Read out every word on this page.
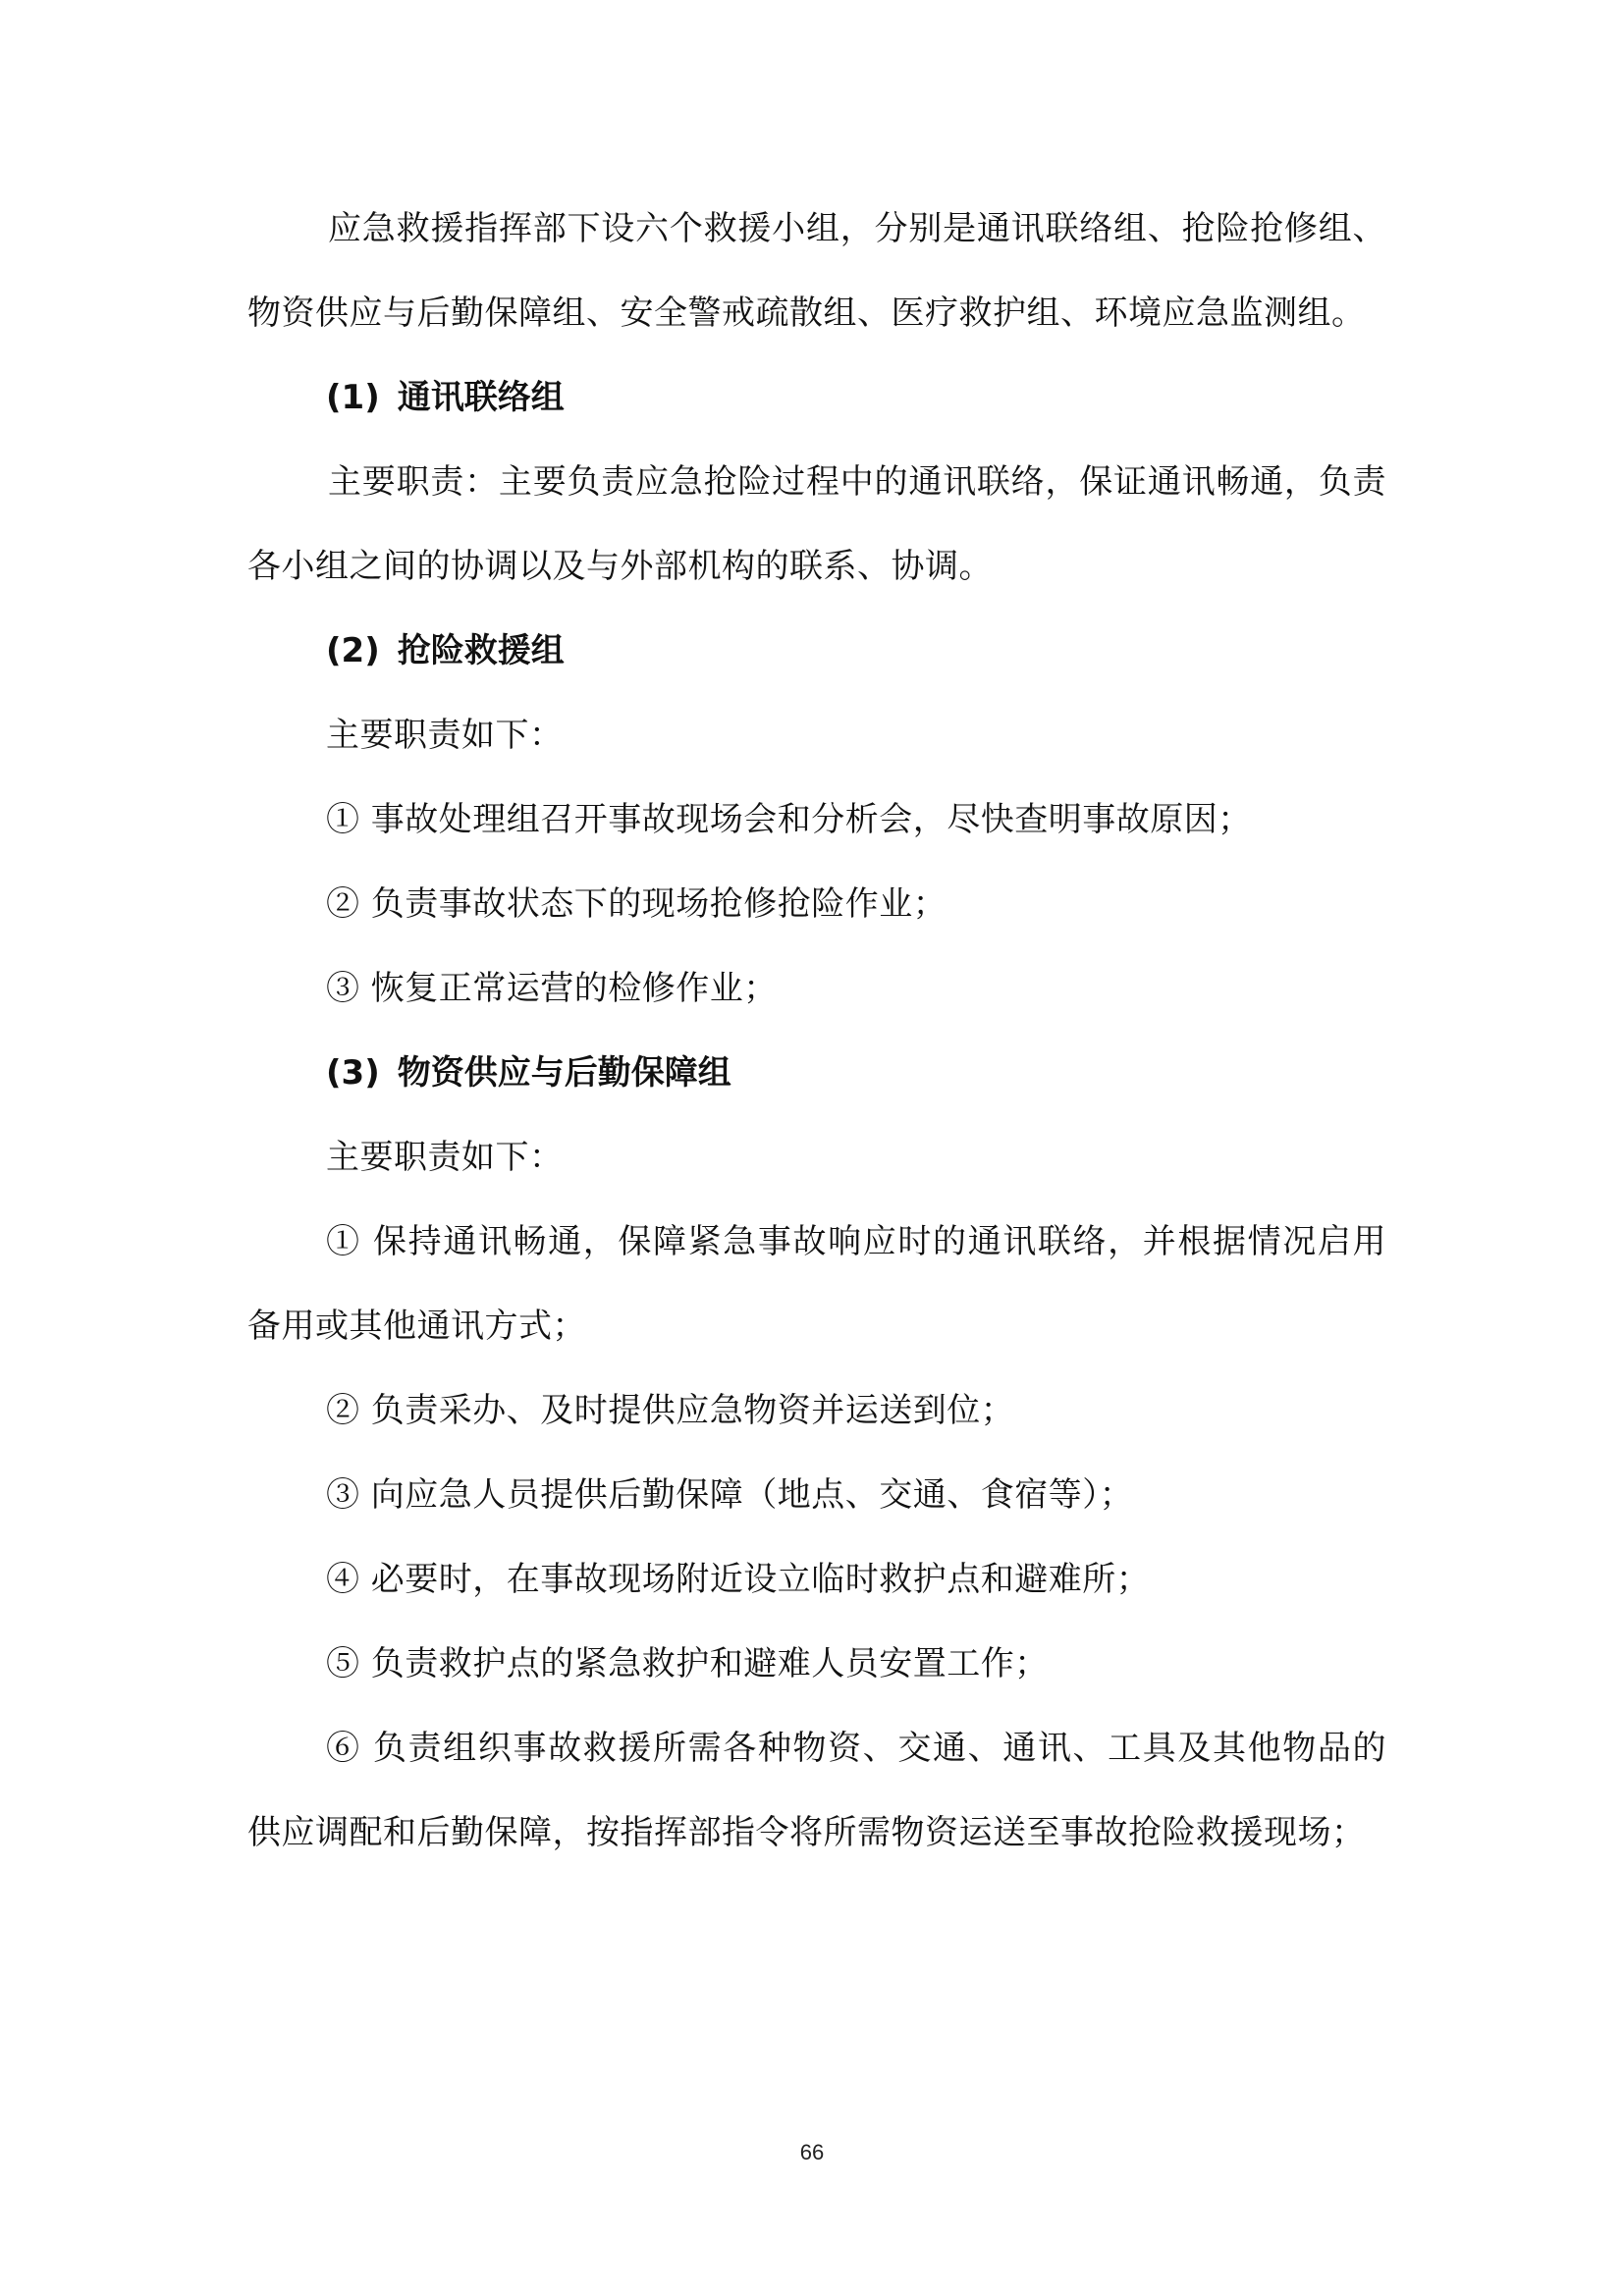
应急救援指挥部下设六个救援小组，分别是通讯联络组、抢险抢修组、物资供应与后勤保障组、安全警戒疏散组、医疗救护组、环境应急监测组。

(1) 通讯联络组

主要职责：主要负责应急抢险过程中的通讯联络，保证通讯畅通，负责各小组之间的协调以及与外部机构的联系、协调。

(2) 抢险救援组

主要职责如下：

① 事故处理组召开事故现场会和分析会，尽快查明事故原因；

② 负责事故状态下的现场抢修抢险作业；

③ 恢复正常运营的检修作业；

(3) 物资供应与后勤保障组

主要职责如下：

① 保持通讯畅通，保障紧急事故响应时的通讯联络，并根据情况启用备用或其他通讯方式；

② 负责采办、及时提供应急物资并运送到位；

③ 向应急人员提供后勤保障（地点、交通、食宿等）；

④ 必要时，在事故现场附近设立临时救护点和避难所；

⑤ 负责救护点的紧急救护和避难人员安置工作；

⑥ 负责组织事故救援所需各种物资、交通、通讯、工具及其他物品的供应调配和后勤保障，按指挥部指令将所需物资运送至事故抢险救援现场；

66
